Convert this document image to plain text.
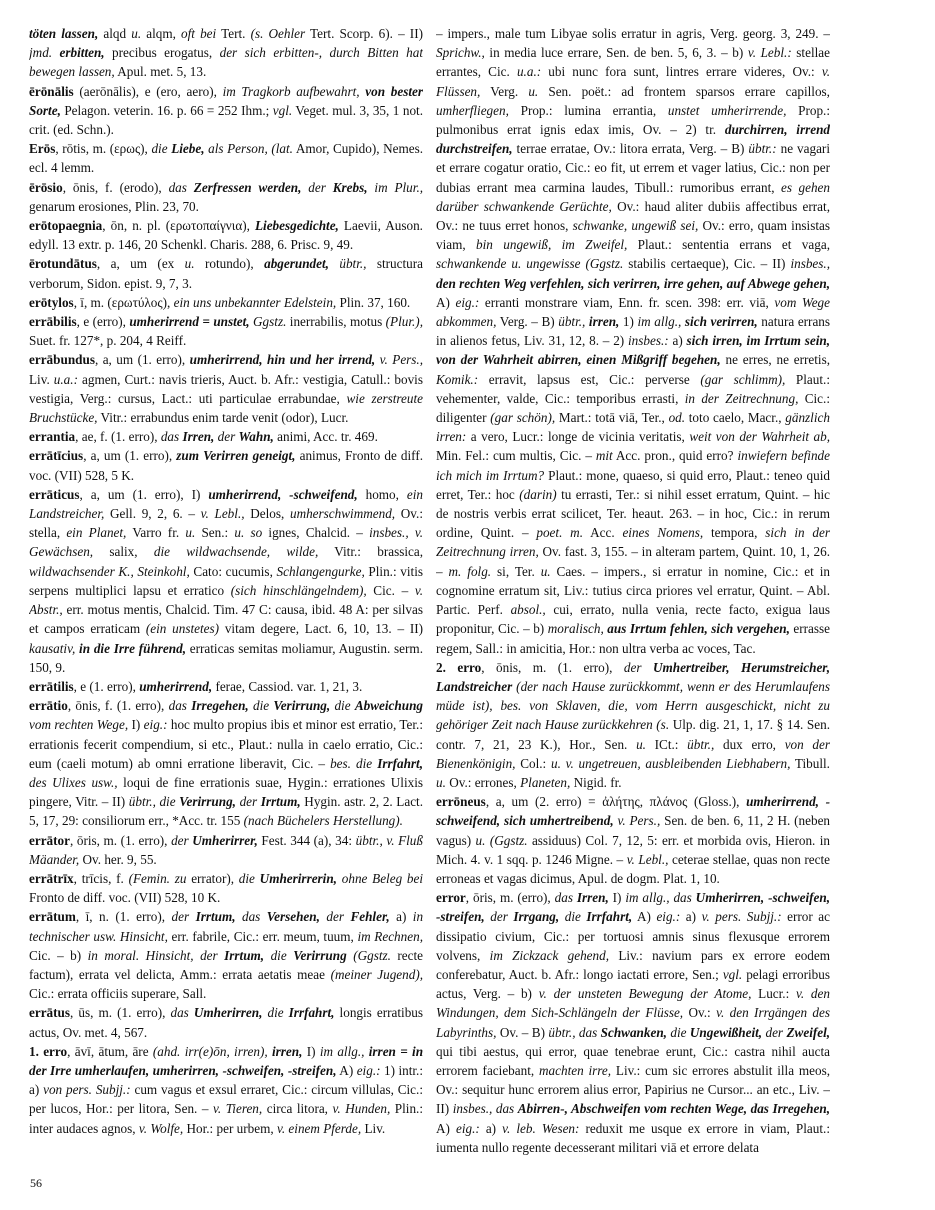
töten lassen, alqd u. alqm, oft bei Tert. (s. Oehler Tert. Scorp. 6). – II) jmd. erbitten, precibus erogatus, der sich erbitten-, durch Bitten hat bewegen lassen, Apul. met. 5, 13.

ērōnālis (aerōnālis), e (ero, aero), im Tragkorb aufbewahrt, von bester Sorte, Pelagon. veterin. 16. p. 66 = 252 Ihm.; vgl. Veget. mul. 3, 35, 1 not. crit. (ed. Schn.).

Erōs, rōtis, m. (ερως), die Liebe, als Person, (lat. Amor, Cupido), Nemes. ecl. 4 lemm.

ērōsio, ōnis, f. (erodo), das Zerfressen werden, der Krebs, im Plur., genarum erosiones, Plin. 23, 70.

erōtopaegnia, ōn, n. pl. (ερωτοπαίγνια), Liebesgedichte, Laevii, Auson. edyll. 13 extr. p. 146, 20 Schenkl. Charis. 288, 6. Prisc. 9, 49.

ērotundātus, a, um (ex u. rotundo), abgerundet, übtr., structura verborum, Sidon. epist. 9, 7, 3.

erōtylos, ī, m. (ερωτύλος), ein uns unbekannter Edelstein, Plin. 37, 160.

errābilis, e (erro), umherirrend = unstet, Ggstz. inerrabilis, motus (Plur.), Suet. fr. 127*, p. 204, 4 Reiff.

errābundus, a, um (1. erro), umherirrend, hin und her irrend, v. Pers., Liv. u.a.: agmen, Curt.: navis trieris, Auct. b. Afr.: vestigia, Catull.: bovis vestigia, Verg.: cursus, Lact.: uti particulae errabundae, wie zerstreute Bruchstücke, Vitr.: errabundus enim tarde venit (odor), Lucr.

errantia, ae, f. (1. erro), das Irren, der Wahn, animi, Acc. tr. 469.

errātīcius, a, um (1. erro), zum Verirren geneigt, animus, Fronto de diff. voc. (VII) 528, 5 K.

errāticus, a, um (1. erro), I) umherirrend, -schweifend, homo, ein Landstreicher, Gell. 9, 2, 6. – v. Lebl., Delos, umherschwimmend, Ov.: stella, ein Planet, Varro fr. u. Sen.: u. so ignes, Chalcid. – insbes., v. Gewächsen, salix, die wildwachsende, wilde, Vitr.: brassica, wildwachsender K., Steinkohl, Cato: cucumis, Schlangengurke, Plin.: vitis serpens multiplici lapsu et erratico (sich hinschlängelndem), Cic. – v. Abstr., err. motus mentis, Chalcid. Tim. 47 C: causa, ibid. 48 A: per silvas et campos erraticam (ein unstetes) vitam degere, Lact. 6, 10, 13. – II) kausativ, in die Irre führend, erraticas semitas moliamur, Augustin. serm. 150, 9.

errātilis, e (1. erro), umherirrend, ferae, Cassiod. var. 1, 21, 3.

errātio, ōnis, f. (1. erro), das Irregehen, die Verirrung, die Abweichung vom rechten Wege, I) eig.: hoc multo propius ibis et minor est erratio, Ter.: errationis fecerit compendium, si etc., Plaut.: nulla in caelo erratio, Cic.: eum (caeli motum) ab omni erratione liberavit, Cic. – bes. die Irrfahrt, des Ulixes usw., loqui de fine errationis suae, Hygin.: errationes Ulixis pingere, Vitr. – II) übtr., die Verirrung, der Irrtum, Hygin. astr. 2, 2. Lact. 5, 17, 29: consiliorum err., *Acc. tr. 155 (nach Büchelers Herstellung).

errātor, ōris, m. (1. erro), der Umherirrer, Fest. 344 (a), 34: übtr., v. Fluß Mäander, Ov. her. 9, 55.

errātrīx, trīcis, f. (Femin. zu errator), die Umherirrerin, ohne Beleg bei Fronto de diff. voc. (VII) 528, 10 K.

errātum, ī, n. (1. erro), der Irrtum, das Versehen, der Fehler, a) in technischer usw. Hinsicht, err. fabrile, Cic.: err. meum, tuum, im Rechnen, Cic. – b) in moral. Hinsicht, der Irrtum, die Verirrung (Ggstz. recte factum), errata vel delicta, Amm.: errata aetatis meae (meiner Jugend), Cic.: errata officiis superare, Sall.

errātus, ūs, m. (1. erro), das Umherirren, die Irrfahrt, longis erratibus actus, Ov. met. 4, 567.

1. erro, āvī, ātum, āre (ahd. irr(e)ōn, irren), irren, I) im allg., irren = in der Irre umherlaufen, umherirren, -schweifen, -streifen, A) eig.: 1) intr.: a) von pers. Subjj.: cum vagus et exsul erraret, Cic.: circum villulas, Cic.: per lucos, Hor.: per litora, Sen. – v. Tieren, circa litora, v. Hunden, Plin.: inter audaces agnos, v. Wolfe, Hor.: per urbem, v. einem Pferde, Liv.

– impers., male tum Libyae solis erratur in agris, Verg. georg. 3, 249. – Sprichw., in media luce errare, Sen. de ben. 5, 6, 3. – b) v. Lebl.: stellae errantes, Cic. u.a.: ubi nunc fora sunt, lintres errare videres, Ov.: v. Flüssen, Verg. u. Sen. poët.: ad frontem sparsos errare capillos, umherfliegen, Prop.: lumina errantia, unstet umherirrende, Prop.: pulmonibus errat ignis edax imis, Ov. – 2) tr. durchirren, irrend durchstreifen, terrae erratae, Ov.: litora errata, Verg. – B) übtr.: ne vagari et errare cogatur oratio, Cic.: eo fit, ut errem et vager latius, Cic.: non per dubias errant mea carmina laudes, Tibull.: rumoribus errant, es gehen darüber schwankende Gerüchte, Ov.: haud aliter dubiis affectibus errat, Ov.: ne tuus erret honos, schwanke, ungewiß sei, Ov.: erro, quam insistas viam, bin ungewiß, im Zweifel, Plaut.: sententia errans et vaga, schwankende u. ungewisse (Ggstz. stabilis certaeque), Cic. – II) insbes., den rechten Weg verfehlen, sich verirren, irre gehen, auf Abwege gehen, A) eig.: erranti monstrare viam, Enn. fr. scen. 398: err. viā, vom Wege abkommen, Verg. – B) übtr., irren, 1) im allg., sich verirren, natura errans in alienos fetus, Liv. 31, 12, 8. – 2) insbes.: a) sich irren, im Irrtum sein, von der Wahrheit abirren, einen Mißgriff begehen, ne erres, ne erretis, Komik.: erravit, lapsus est, Cic.: perverse (gar schlimm), Plaut.: vehementer, valde, Cic.: temporibus errasti, in der Zeitrechnung, Cic.: diligenter (gar schön), Mart.: totā viā, Ter., od. toto caelo, Macr., gänzlich irren: a vero, Lucr.: longe de vicinia veritatis, weit von der Wahrheit ab, Min. Fel.: cum multis, Cic. – mit Acc. pron., quid erro? inwiefern befinde ich mich im Irrtum? Plaut.: mone, quaeso, si quid erro, Plaut.: teneo quid erret, Ter.: hoc (darin) tu errasti, Ter.: si nihil esset erratum, Quint. – hic de nostris verbis errat scilicet, Ter. heaut. 263. – in hoc, Cic.: in rerum ordine, Quint. – poet. m. Acc. eines Nomens, tempora, sich in der Zeitrechnung irren, Ov. fast. 3, 155. – in alteram partem, Quint. 10, 1, 26. – m. folg. si, Ter. u. Caes. – impers., si erratur in nomine, Cic.: et in cognomine erratum sit, Liv.: tutius circa priores vel erratur, Quint. – Abl. Partic. Perf. absol., cui, errato, nulla venia, recte facto, exigua laus proponitur, Cic. – b) moralisch, aus Irrtum fehlen, sich vergehen, errasse regem, Sall.: in amicitia, Hor.: non ultra verba ac voces, Tac.

2. erro, ōnis, m. (1. erro), der Umhertreiber, Herumstreicher, Landstreicher (der nach Hause zurückkommt, wenn er des Herumlaufens müde ist), bes. von Sklaven, die, vom Herrn ausgeschickt, nicht zu gehöriger Zeit nach Hause zurückkehren (s. Ulp. dig. 21, 1, 17. § 14. Sen. contr. 7, 21, 23 K.), Hor., Sen. u. ICt.: übtr., dux erro, von der Bienenkönigin, Col.: u. v. ungetreuen, ausbleibenden Liebhabern, Tibull. u. Ov.: errones, Planeten, Nigid. fr.

errōneus, a, um (2. erro) = ἀλήτης, πλάνος (Gloss.), umherirrend, -schweifend, sich umhertreibend, v. Pers., Sen. de ben. 6, 11, 2 H. (neben vagus) u. (Ggstz. assiduus) Col. 7, 12, 5: err. et morbida ovis, Hieron. in Mich. 4. v. 1 sqq. p. 1246 Migne. – v. Lebl., ceterae stellae, quas non recte erroneas et vagas dicimus, Apul. de dogm. Plat. 1, 10.

error, ōris, m. (erro), das Irren, I) im allg., das Umherirren, -schweifen, -streifen, der Irrgang, die Irrfahrt, A) eig.: a) v. pers. Subjj.: error ac dissipatio civium, Cic.: per tortuosi amnis sinus flexusque errorem volvens, im Zickzack gehend, Liv.: navium pars ex errore eodem conferebatur, Auct. b. Afr.: longo iactati errore, Sen.; vgl. pelagi erroribus actus, Verg. – b) v. der unsteten Bewegung der Atome, Lucr.: v. den Windungen, dem Sich-Schlängeln der Flüsse, Ov.: v. den Irrgängen des Labyrinths, Ov. – B) übtr., das Schwanken, die Ungewißheit, der Zweifel, qui tibi aestus, qui error, quae tenebrae erunt, Cic.: castra nihil aucta errorem faciebant, machten irre, Liv.: cum sic errores abstulit illa meos, Ov.: sequitur hunc errorem alius error, Papirius ne Cursor... an etc., Liv. – II) insbes., das Abirren-, Abschweifen vom rechten Wege, das Irregehen, A) eig.: a) v. leb. Wesen: reduxit me usque ex errore in viam, Plaut.: iumenta nullo regente decesserant militari viā et errore delata

56
